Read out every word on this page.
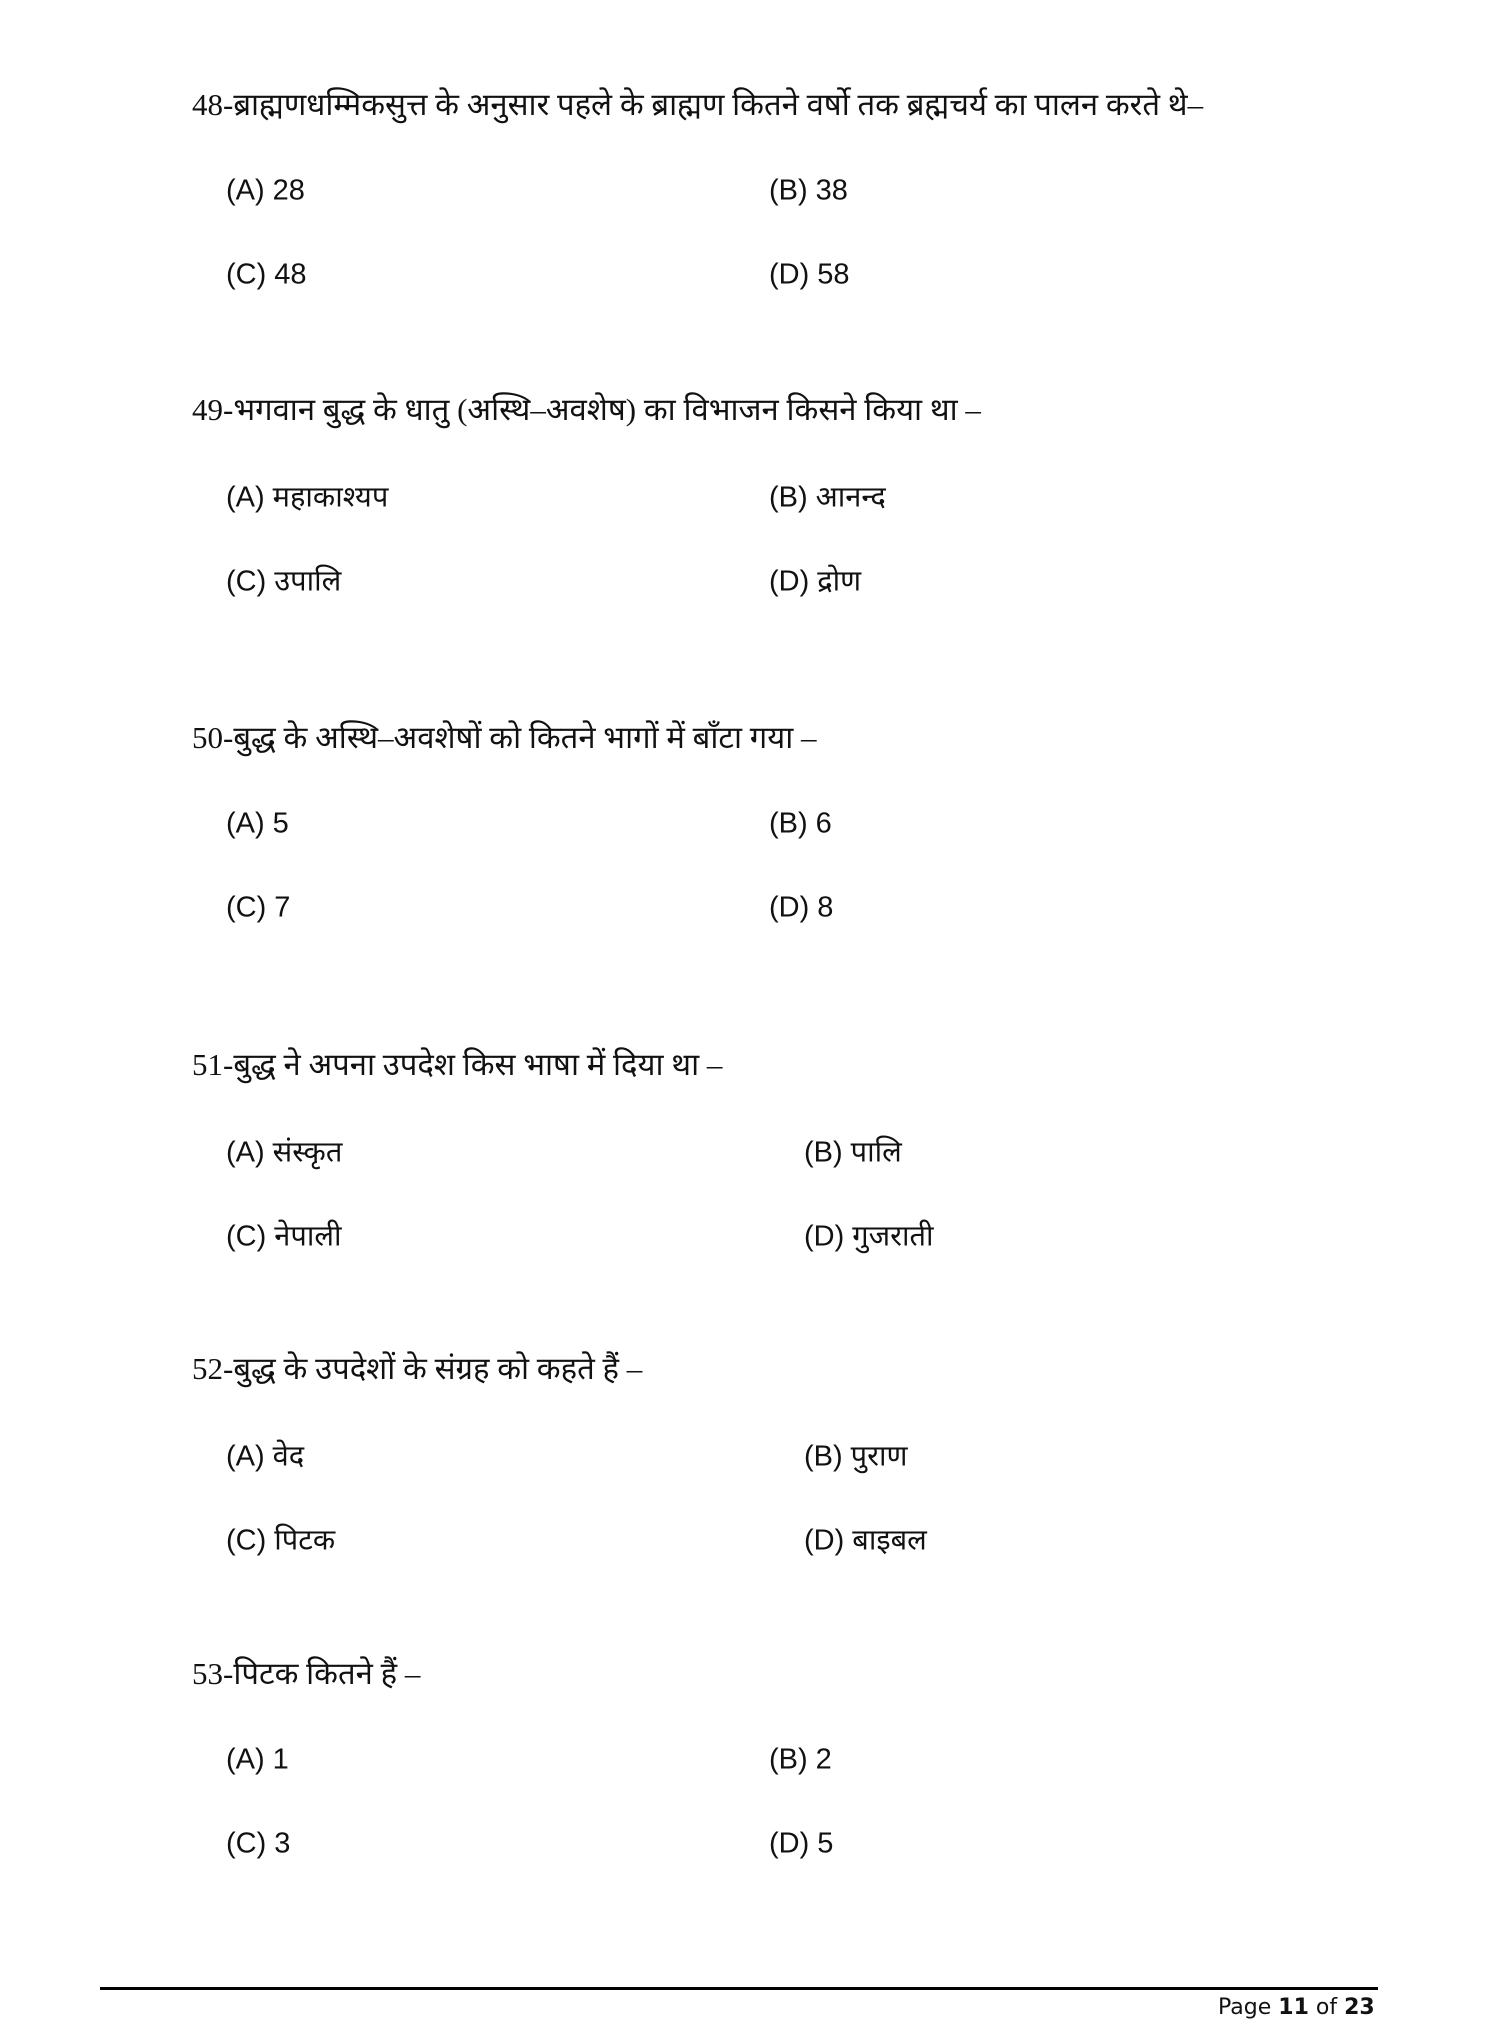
48-ब्राह्मणधम्मिकसुत्त के अनुसार पहले के ब्राह्मण कितने वर्षो तक ब्रह्मचर्य का पालन करते थे–
(A) 28	(B) 38
(C) 48	(D) 58
49-भगवान बुद्ध के धातु (अस्थि–अवशेष) का विभाजन किसने किया था –
(A) महाकाश्यप	(B) आनन्द
(C) उपालि	(D) द्रोण
50-बुद्ध के अस्थि–अवशेषों को कितने भागों में बाँटा गया –
(A) 5	(B) 6
(C) 7	(D) 8
51-बुद्ध ने अपना उपदेश किस भाषा में दिया था –
(A) संस्कृत	(B) पालि
(C) नेपाली	(D) गुजराती
52-बुद्ध के उपदेशों के संग्रह को कहते हैं –
(A) वेद	(B) पुराण
(C) पिटक	(D) बाइबल
53-पिटक कितने हैं –
(A) 1	(B) 2
(C) 3	(D) 5
Page 11 of 23
